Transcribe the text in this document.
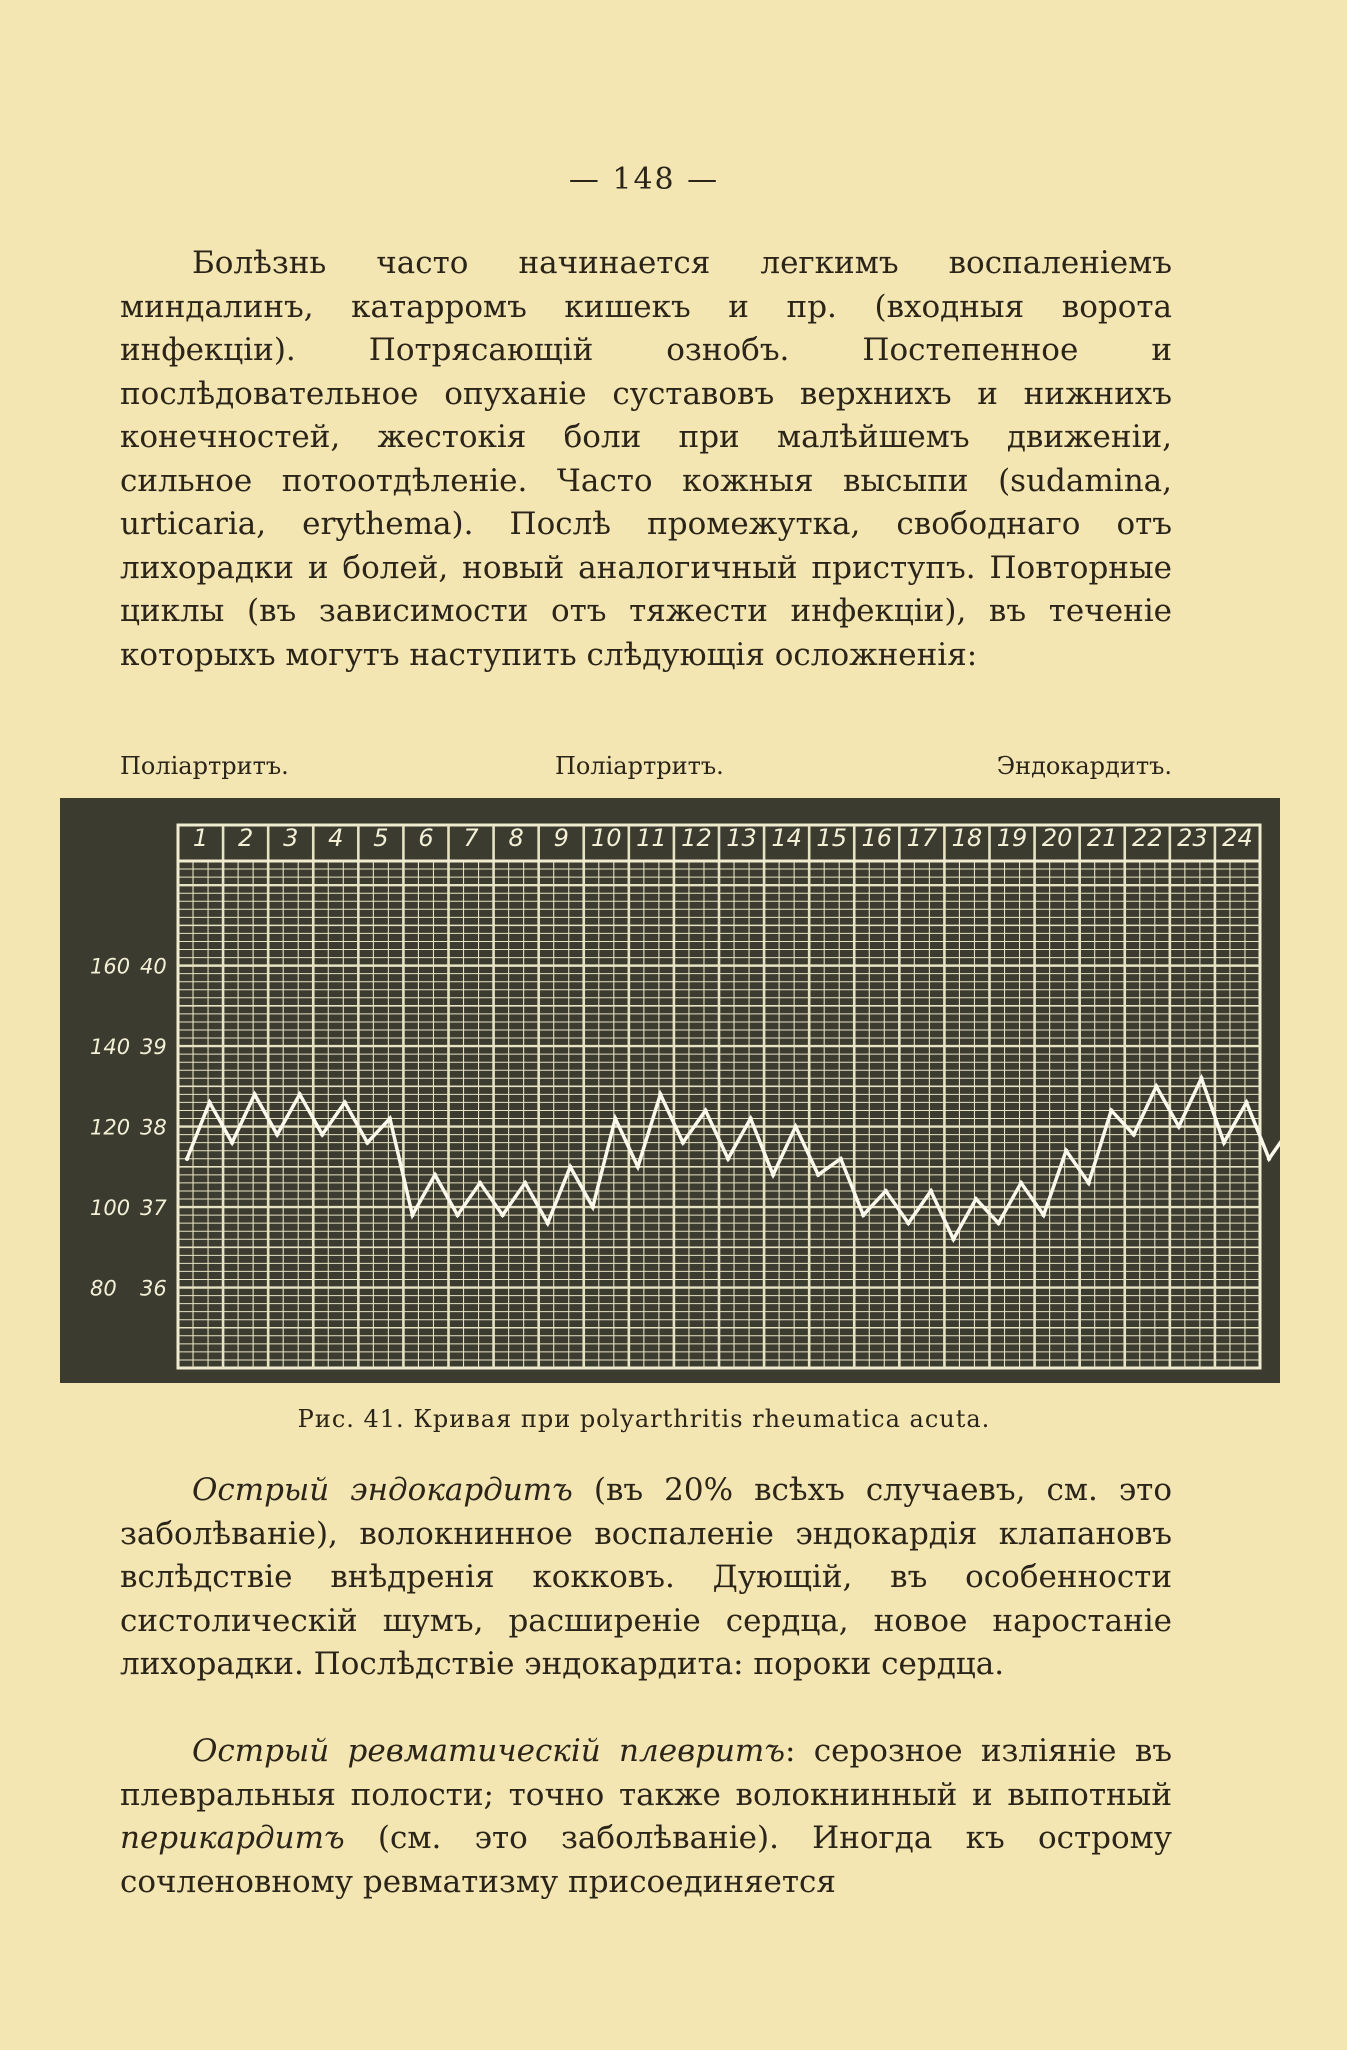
— 148 —

Болѣзнь часто начинается легкимъ воспаленіемъ миндалинъ, катарромъ кишекъ и пр. (входныя ворота инфекціи). Потрясающій ознобъ. Постепенное и послѣдовательное опуханіе суставовъ верхнихъ и нижнихъ конечностей, жестокія боли при малѣйшемъ движеніи, сильное потоотдѣленіе. Часто кожныя высыпи (sudamina, urticaria, erythema). Послѣ промежутка, свободнаго отъ лихорадки и болей, новый аналогичный приступъ. Повторные циклы (въ зависимости отъ тяжести инфекціи), въ теченіе которыхъ могутъ наступить слѣдующія осложненія:

Поліартритъ.	Поліартритъ.	Эндокардитъ.
1 2 3 4 5 6 7 8 9 10 11 12 13 14 15 16 17 18 19 20 21 22 23 24
160 40
140 39
120 38
100 37
80 36
Рис. 41. Кривая при polyarthritis rheumatica acuta.

Острый эндокардитъ (въ 20% всѣхъ случаевъ, см. это заболѣваніе), волокнинное воспаленіе эндокардія клапановъ вслѣдствіе внѣдренія кокковъ. Дующій, въ особенности систолическій шумъ, расширеніе сердца, новое наростаніе лихорадки. Послѣдствіе эндокардита: пороки сердца.

Острый ревматическій плевритъ: серозное изліяніе въ плевральныя полости; точно также волокнинный и выпотный перикардитъ (см. это заболѣваніе). Иногда къ острому сочленовному ревматизму присоединяется
